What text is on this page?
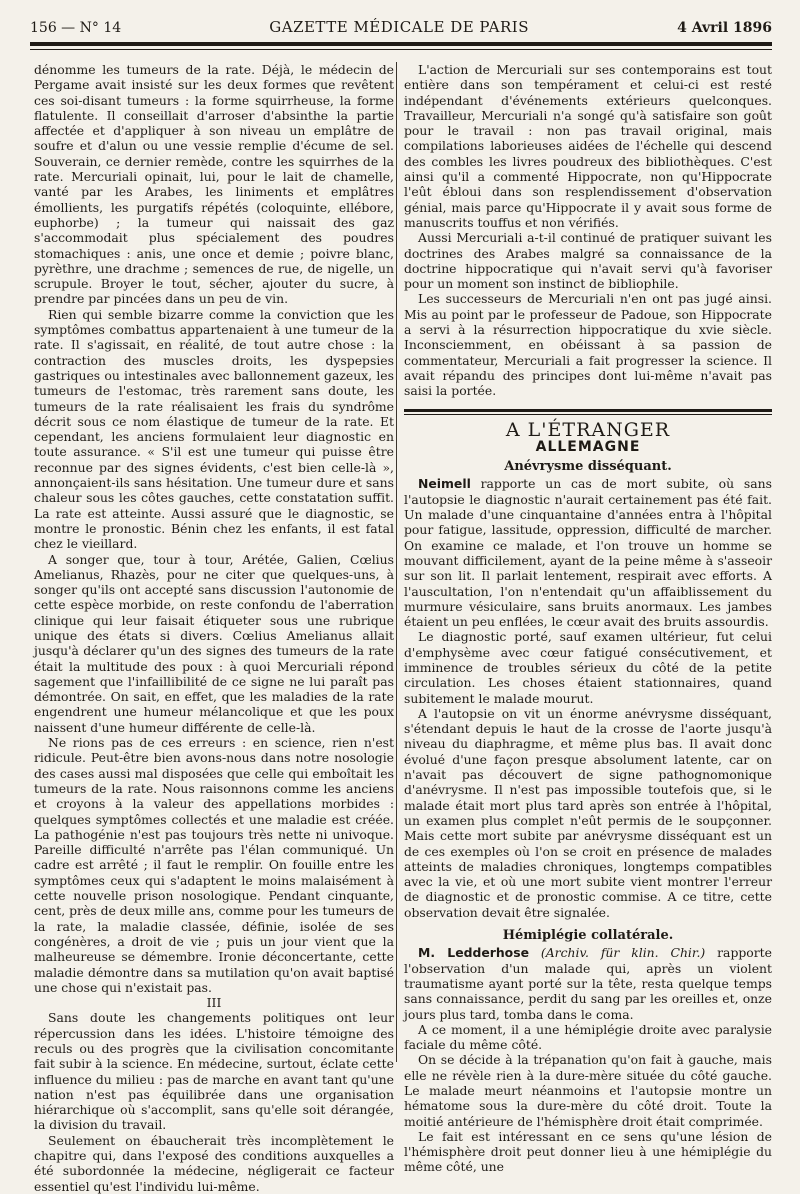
156 — N° 14	GAZETTE MÉDICALE DE PARIS	4 Avril 1896

dénomme les tumeurs de la rate. Déjà, le médecin de Pergame avait insisté sur les deux formes que revêtent ces soi-disant tumeurs : la forme squirrheuse, la forme flatulente. Il conseillait d'arroser d'absinthe la partie affectée et d'appliquer à son niveau un emplâtre de soufre et d'alun ou une vessie remplie d'écume de sel. Souverain, ce dernier remède, contre les squirrhes de la rate. Mercuriali opinait, lui, pour le lait de chamelle, vanté par les Arabes, les liniments et emplâtres émollients, les purgatifs répétés (coloquinte, ellébore, euphorbe) ; la tumeur qui naissait des gaz s'accommodait plus spécialement des poudres stomachiques : anis, une once et demie ; poivre blanc, pyrèthre, une drachme ; semences de rue, de nigelle, un scrupule. Broyer le tout, sécher, ajouter du sucre, à prendre par pincées dans un peu de vin.

Rien qui semble bizarre comme la conviction que les symptômes combattus appartenaient à une tumeur de la rate. Il s'agissait, en réalité, de tout autre chose : la contraction des muscles droits, les dyspepsies gastriques ou intestinales avec ballonnement gazeux, les tumeurs de l'estomac, très rarement sans doute, les tumeurs de la rate réalisaient les frais du syndrôme décrit sous ce nom élastique de tumeur de la rate. Et cependant, les anciens formulaient leur diagnostic en toute assurance. « S'il est une tumeur qui puisse être reconnue par des signes évidents, c'est bien celle-là », annonçaient-ils sans hésitation. Une tumeur dure et sans chaleur sous les côtes gauches, cette constatation suffit. La rate est atteinte. Aussi assuré que le diagnostic, se montre le pronostic. Bénin chez les enfants, il est fatal chez le vieillard.

A songer que, tour à tour, Arétée, Galien, Cœlius Amelianus, Rhazès, pour ne citer que quelques-uns, à songer qu'ils ont accepté sans discussion l'autonomie de cette espèce morbide, on reste confondu de l'aberration clinique qui leur faisait étiqueter sous une rubrique unique des états si divers. Cœlius Amelianus allait jusqu'à déclarer qu'un des signes des tumeurs de la rate était la multitude des poux : à quoi Mercuriali répond sagement que l'infaillibilité de ce signe ne lui paraît pas démontrée. On sait, en effet, que les maladies de la rate engendrent une humeur mélancolique et que les poux naissent d'une humeur différente de celle-là.

Ne rions pas de ces erreurs : en science, rien n'est ridicule. Peut-être bien avons-nous dans notre nosologie des cases aussi mal disposées que celle qui emboîtait les tumeurs de la rate. Nous raisonnons comme les anciens et croyons à la valeur des appellations morbides : quelques symptômes collectés et une maladie est créée. La pathogénie n'est pas toujours très nette ni univoque. Pareille difficulté n'arrête pas l'élan communiqué. Un cadre est arrêté ; il faut le remplir. On fouille entre les symptômes ceux qui s'adaptent le moins malaisément à cette nouvelle prison nosologique. Pendant cinquante, cent, près de deux mille ans, comme pour les tumeurs de la rate, la maladie classée, définie, isolée de ses congénères, a droit de vie ; puis un jour vient que la malheureuse se démembre. Ironie déconcertante, cette maladie démontre dans sa mutilation qu'on avait baptisé une chose qui n'existait pas.

III

Sans doute les changements politiques ont leur répercussion dans les idées. L'histoire témoigne des reculs ou des progrès que la civilisation concomitante fait subir à la science. En médecine, surtout, éclate cette influence du milieu : pas de marche en avant tant qu'une nation n'est pas équilibrée dans une organisation hiérarchique où s'accomplit, sans qu'elle soit dérangée, la division du travail.

Seulement on ébaucherait très incomplètement le chapitre qui, dans l'exposé des conditions auxquelles a été subordonnée la médecine, négligerait ce facteur essentiel qu'est l'individu lui-même.

L'action de Mercuriali sur ses contemporains est tout entière dans son tempérament et celui-ci est resté indépendant d'événements extérieurs quelconques. Travailleur, Mercuriali n'a songé qu'à satisfaire son goût pour le travail : non pas travail original, mais compilations laborieuses aidées de l'échelle qui descend des combles les livres poudreux des bibliothèques. C'est ainsi qu'il a commenté Hippocrate, non qu'Hippocrate l'eût ébloui dans son resplendissement d'observation génial, mais parce qu'Hippocrate il y avait sous forme de manuscrits touffus et non vérifiés.

Aussi Mercuriali a-t-il continué de pratiquer suivant les doctrines des Arabes malgré sa connaissance de la doctrine hippocratique qui n'avait servi qu'à favoriser pour un moment son instinct de bibliophile.

Les successeurs de Mercuriali n'en ont pas jugé ainsi. Mis au point par le professeur de Padoue, son Hippocrate a servi à la résurrection hippocratique du xvie siècle. Inconsciemment, en obéissant à sa passion de commentateur, Mercuriali a fait progresser la science. Il avait répandu des principes dont lui-même n'avait pas saisi la portée.

A L'ÉTRANGER
ALLEMAGNE
Anévrysme disséquant.

Neimell rapporte un cas de mort subite, où sans l'autopsie le diagnostic n'aurait certainement pas été fait. Un malade d'une cinquantaine d'années entra à l'hôpital pour fatigue, lassitude, oppression, difficulté de marcher. On examine ce malade, et l'on trouve un homme se mouvant difficilement, ayant de la peine même à s'asseoir sur son lit. Il parlait lentement, respirait avec efforts. A l'auscultation, l'on n'entendait qu'un affaiblissement du murmure vésiculaire, sans bruits anormaux. Les jambes étaient un peu enflées, le cœur avait des bruits assourdis.

Le diagnostic porté, sauf examen ultérieur, fut celui d'emphysème avec cœur fatigué consécutivement, et imminence de troubles sérieux du côté de la petite circulation. Les choses étaient stationnaires, quand subitement le malade mourut.

A l'autopsie on vit un énorme anévrysme disséquant, s'étendant depuis le haut de la crosse de l'aorte jusqu'à niveau du diaphragme, et même plus bas. Il avait donc évolué d'une façon presque absolument latente, car on n'avait pas découvert de signe pathognomonique d'anévrysme. Il n'est pas impossible toutefois que, si le malade était mort plus tard après son entrée à l'hôpital, un examen plus complet n'eût permis de le soupçonner. Mais cette mort subite par anévrysme disséquant est un de ces exemples où l'on se croit en présence de malades atteints de maladies chroniques, longtemps compatibles avec la vie, et où une mort subite vient montrer l'erreur de diagnostic et de pronostic commise. A ce titre, cette observation devait être signalée.

Hémiplégie collatérale.

M. Ledderhose (Archiv. für klin. Chir.) rapporte l'observation d'un malade qui, après un violent traumatisme ayant porté sur la tête, resta quelque temps sans connaissance, perdit du sang par les oreilles et, onze jours plus tard, tomba dans le coma.

A ce moment, il a une hémiplégie droite avec paralysie faciale du même côté.

On se décide à la trépanation qu'on fait à gauche, mais elle ne révèle rien à la dure-mère située du côté gauche. Le malade meurt néanmoins et l'autopsie montre un hématome sous la dure-mère du côté droit. Toute la moitié antérieure de l'hémisphère droit était comprimée.

Le fait est intéressant en ce sens qu'une lésion de l'hémisphère droit peut donner lieu à une hémiplégie du même côté, une
